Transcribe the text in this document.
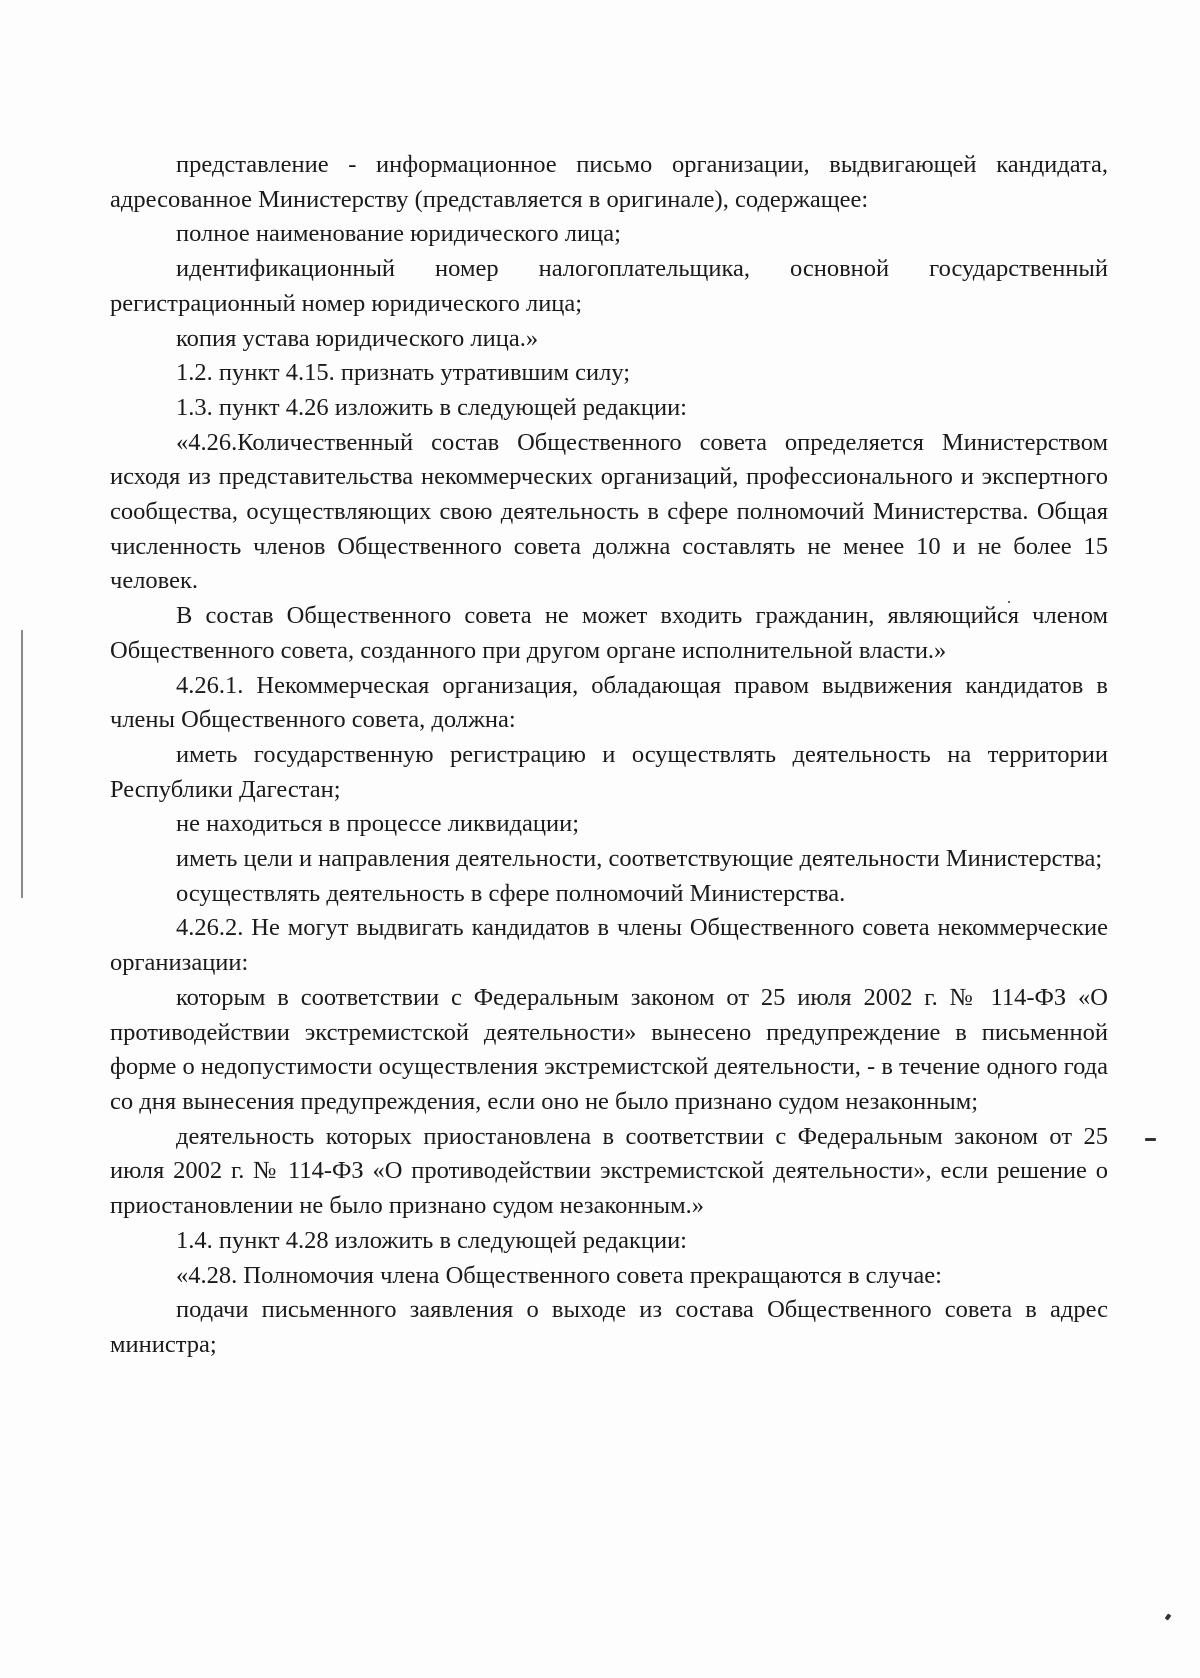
представление - информационное письмо организации, выдвигающей кандидата, адресованное Министерству (представляется в оригинале), содержащее:

полное наименование юридического лица;

идентификационный номер налогоплательщика, основной государственный регистрационный номер юридического лица;

копия устава юридического лица.»

1.2. пункт 4.15. признать утратившим силу;

1.3. пункт 4.26 изложить в следующей редакции:

«4.26.Количественный состав Общественного совета определяется Министерством исходя из представительства некоммерческих организаций, профессионального и экспертного сообщества, осуществляющих свою деятельность в сфере полномочий Министерства. Общая численность членов Общественного совета должна составлять не менее 10 и не более 15 человек.

В состав Общественного совета не может входить гражданин, являющийся членом Общественного совета, созданного при другом органе исполнительной власти.»

4.26.1. Некоммерческая организация, обладающая правом выдвижения кандидатов в члены Общественного совета, должна:

иметь государственную регистрацию и осуществлять деятельность на территории Республики Дагестан;

не находиться в процессе ликвидации;

иметь цели и направления деятельности, соответствующие деятельности Министерства;

осуществлять деятельность в сфере полномочий Министерства.

4.26.2. Не могут выдвигать кандидатов в члены Общественного совета некоммерческие организации:

которым в соответствии с Федеральным законом от 25 июля 2002 г. № 114-ФЗ «О противодействии экстремистской деятельности» вынесено предупреждение в письменной форме о недопустимости осуществления экстремистской деятельности, - в течение одного года со дня вынесения предупреждения, если оно не было признано судом незаконным;

деятельность которых приостановлена в соответствии с Федеральным законом от 25 июля 2002 г. № 114-ФЗ «О противодействии экстремистской деятельности», если решение о приостановлении не было признано судом незаконным.»

1.4. пункт 4.28 изложить в следующей редакции:

«4.28. Полномочия члена Общественного совета прекращаются в случае:

подачи письменного заявления о выходе из состава Общественного совета в адрес министра;
